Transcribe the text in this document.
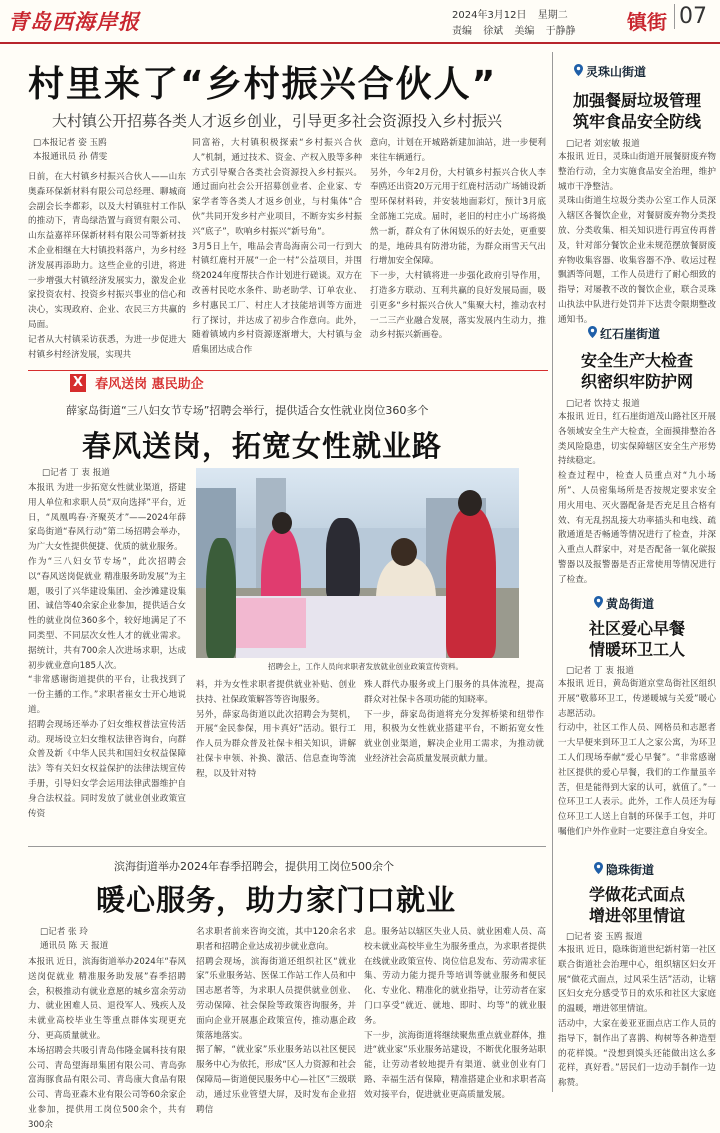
青岛西海岸报	2024年3月12日 星期二
责编 徐斌 美编 于静静	镇街 07
村里来了“乡村振兴合伙人”
大村镇公开招募各类人才返乡创业，引导更多社会资源投入乡村振兴
□本报记者 姿 玉鸥
本报通讯员 孙 倩雯
日前，在大村镇乡村振兴合伙人——山东奥森环保新材料有限公司总经理、聊城商会副会长李都彩，以及大村镇驻村工作队的推动下，青岛绿浩置与商贸有限公司、山东益嘉祥环保新材料有限公司等新材技术企业相继在大村镇投料落户，为乡村经济发展再添助力。这些企业的引进，将进一步增强大村镇经济发展实力，激发企业家投资农村、投资乡村振兴事业的信心和决心，实现政府、企业、农民三方共赢的局面。
记者从大村镇采访获悉，为进一步促进大村镇乡村经济发展，实现共
同富裕，大村镇积极探索“乡村振兴合伙人”机制，通过技术、资金、产权入股等多种方式引导聚合各类社会资源投入乡村振兴。通过面向社会公开招募创业者、企业家、专家学者等各类人才返乡创业，与村集体“合伙”共同开发乡村产业项目，不断夯实乡村振兴“底子”，吹响乡村振兴“新号角”。
3月5日上午，唯品会青岛海南公司一行到大村镇红鹿村开展“一企一村”公益项目，并围绕2024年度帮扶合作计划进行磋谈。双方在改善村民吃水条件、助老助学、订单农业、乡村惠民工厂、村庄人才技能培训等方面进行了探讨，并达成了初步合作意向。此外，随着镇域内乡村资源逐渐增大，大村镇与金盾集团达成合作
意向，计划在开城路新建加油站，进一步便利来往车辆通行。
另外，今年2月份，大村镇乡村振兴合伙人李奉鸥还出资20万元用于红鹿村活动广场铺设新型环保材料砖，并安装地面彩灯，预计3月底全部施工完成。届时，老旧的村庄小广场将焕然一新，群众有了休闲娱乐的好去处，更重要的是，地砖具有防滑功能，为群众雨雪天气出行增加安全保障。
下一步，大村镇将进一步强化政府引导作用，打造多方联动、互利共赢的良好发展局面，吸引更多“乡村振兴合伙人”集聚大村，推动农村一二三产业融合发展，落实发展内生动力，推动乡村振兴新画卷。
X 春风送岗 惠民助企
薛家岛街道“三八妇女节专场”招聘会举行，提供适合女性就业岗位360多个
春风送岗，拓宽女性就业路
□记者 丁 衷 报道
本报讯 为进一步拓宽女性就业渠道，搭建用人单位和求职人员“双向选择”平台，近日，“凤凰鸣春·齐聚英才”——2024年薛家岛街道“春风行动”第二场招聘会举办，为广大女性提供便捷、优质的就业服务。
作为“三八妇女节专场”，此次招聘会以“春风送岗促就业 精准服务助发展”为主题，吸引了兴华建设集团、金沙滩建设集团、诚信等40余家企业参加，提供适合女性的就业岗位360多个，较好地满足了不同类型、不同层次女性人才的就业需求。据统计，共有700余人次进场求职，达成初步就业意向185人次。
“非常感谢街道提供的平台，让我找到了一份主播的工作。”求职者崔女士开心地说道。
招聘会现场还举办了妇女维权普法宣传活动。现场设立妇女维权法律咨询台，向群众普及新《中华人民共和国妇女权益保障法》等有关妇女权益保护的法律法规宣传手册，引导妇女学会运用法律武器维护自身合法权益。同时发放了就业创业政策宣传资
招聘会上，工作人员向求职者发放就业创业政策宣传资料。
料，并为女性求职者提供就业补贴、创业扶持、社保政策解答等咨询服务。
另外，薛家岛街道以此次招聘会为契机，开展“金民参保，用卡真好”活动。银行工作人员为群众普及社保卡相关知识，讲解社保卡申领、补换、激活、信息查询等流程，以及针对特
殊人群代办服务或上门服务的具体流程，提高群众对社保卡各项功能的知晓率。
下一步，薛家岛街道将充分发挥桥梁和纽带作用，积极为女性就业搭建平台，不断拓宽女性就业创业渠道，解决企业用工需求，为推动就业经济社会高质量发展贡献力量。
滨海街道举办2024年春季招聘会，提供用工岗位500余个
暖心服务，助力家门口就业
□记者 张 玲
通讯员 陈 天 报道
本报讯 近日，滨海街道举办2024年“春风送岗促就业 精准服务助发展”春季招聘会，积极推动有就业意愿的城乡富余劳动力、就业困难人员、退役军人、残疾人及未就业高校毕业生等重点群体实现更充分、更高质量就业。
本场招聘会共吸引青岛伟隆金属科技有限公司、青岛望海昂集团有限公司、青岛弥富海豚食品有限公司、青岛康大食品有限公司、青岛亚森木业有限公司等60余家企业参加，提供用工岗位500余个，共有300余
名求职者前来咨询交流，其中120余名求职者和招聘企业达成初步就业意向。
招聘会现场，滨海街道还组织社区“就业家”乐业服务站、医保工作站工作人员和中国志愿者等，为求职人员提供就业创业、劳动保障、社会保险等政策咨询服务，并面向企业开展惠企政策宣传，推动惠企政策落地落实。
据了解，“就业家”乐业服务站以社区便民服务中心为依托，形成“区人力资源和社会保障局—街道便民服务中心—社区”三级联动，通过乐业管望大屏，及时发布企业招聘信
息。服务站以辖区失业人员、就业困难人员、高校未就业高校毕业生为服务重点，为求职者提供在线就业政策宣传、岗位信息发布、劳动需求征集、劳动力能力提升等培训等就业服务和便民化、专业化、精准化的就业指导，让劳动者在家门口享受“就近、就地、即时、均等”的就业服务。
下一步，滨海街道将继续聚焦重点就业群体，推进“就业家”乐业服务站建设，不断优化服务站职能，让劳动者较地提升有渠道、就业创业有门路、幸福生活有保障，精准搭建企业和求职者高效对接平台，促进就业更高质量发展。
灵珠山街道
加强餐厨垃圾管理
筑牢食品安全防线
□记者 刘宏敏 报道
本报讯 近日，灵珠山街道开展餐厨废弃物整治行动，全力实施食品安全治理，维护城市干净整洁。
灵珠山街道生垃圾分类办公室工作人员深入辖区各餐饮企业，对餐厨废弃物分类投放、分类收集、相关知识进行再宣传再普及，针对部分餐饮企业未规范摆放餐厨废弃物收集容器、收集容器不净、收运过程飘洒等问题，工作人员进行了耐心细致的指导；对屡教不改的餐饮企业，联合灵珠山执法中队进行处罚并下达责令限期整改通知书。
红石崖街道
安全生产大检查
织密织牢防护网
□记者 饮持丈 报道
本报讯 近日，红石崖街道茂山路社区开展各领域安全生产大检查，全面摸排整治各类风险隐患，切实保障辖区安全生产形势持续稳定。
检查过程中，检查人员重点对“九小场所”、人员密集场所是否按规定要求安全用火用电、灭火器配备是否充足且合格有效、有无乱拐乱接大功率插头和电线、疏散通道是否畅通等情况进行了检查，并深入重点人群家中，对是否配备一氧化碳报警器以及报警器是否正常使用等情况进行了检查。
黄岛街道
社区爱心早餐
情暖环卫工人
□记者 丁 衷 报道
本报讯 近日，黄岛街道京堂岛街社区组织开展“敬慕环卫工，传递暖城与关爱”暖心志愿活动。
行动中，社区工作人员、网格员和志愿者一大早便来到环卫工人之家公寓，为环卫工人们现场奉献“爱心早餐”。“非常感谢社区提供的爱心早餐，我们的工作量虽辛苦，但是能得到大家的认可，就值了。”一位环卫工人表示。此外，工作人员还为每位环卫工人送上自制的环保手工包，并叮嘱他们户外作业时一定要注意自身安全。
隐珠街道
学做花式面点
增进邻里情谊
□记者 姿 玉鸥 报道
本报讯 近日，隐珠街道世纪新村第一社区联合街道社会治理中心，组织辖区妇女开展“做花式面点，过风采生活”活动，让辖区妇女充分感受节日的欢乐和社区大家庭的温暖，增进邻里情谊。
活动中，大家在姜亚亚面点店工作人员的指导下，制作出了喜鹊、枸树等各种造型的花样馍。“没想到馍头还能做出这么多花样，真好看。”居民们一边动手制作一边称赞。
